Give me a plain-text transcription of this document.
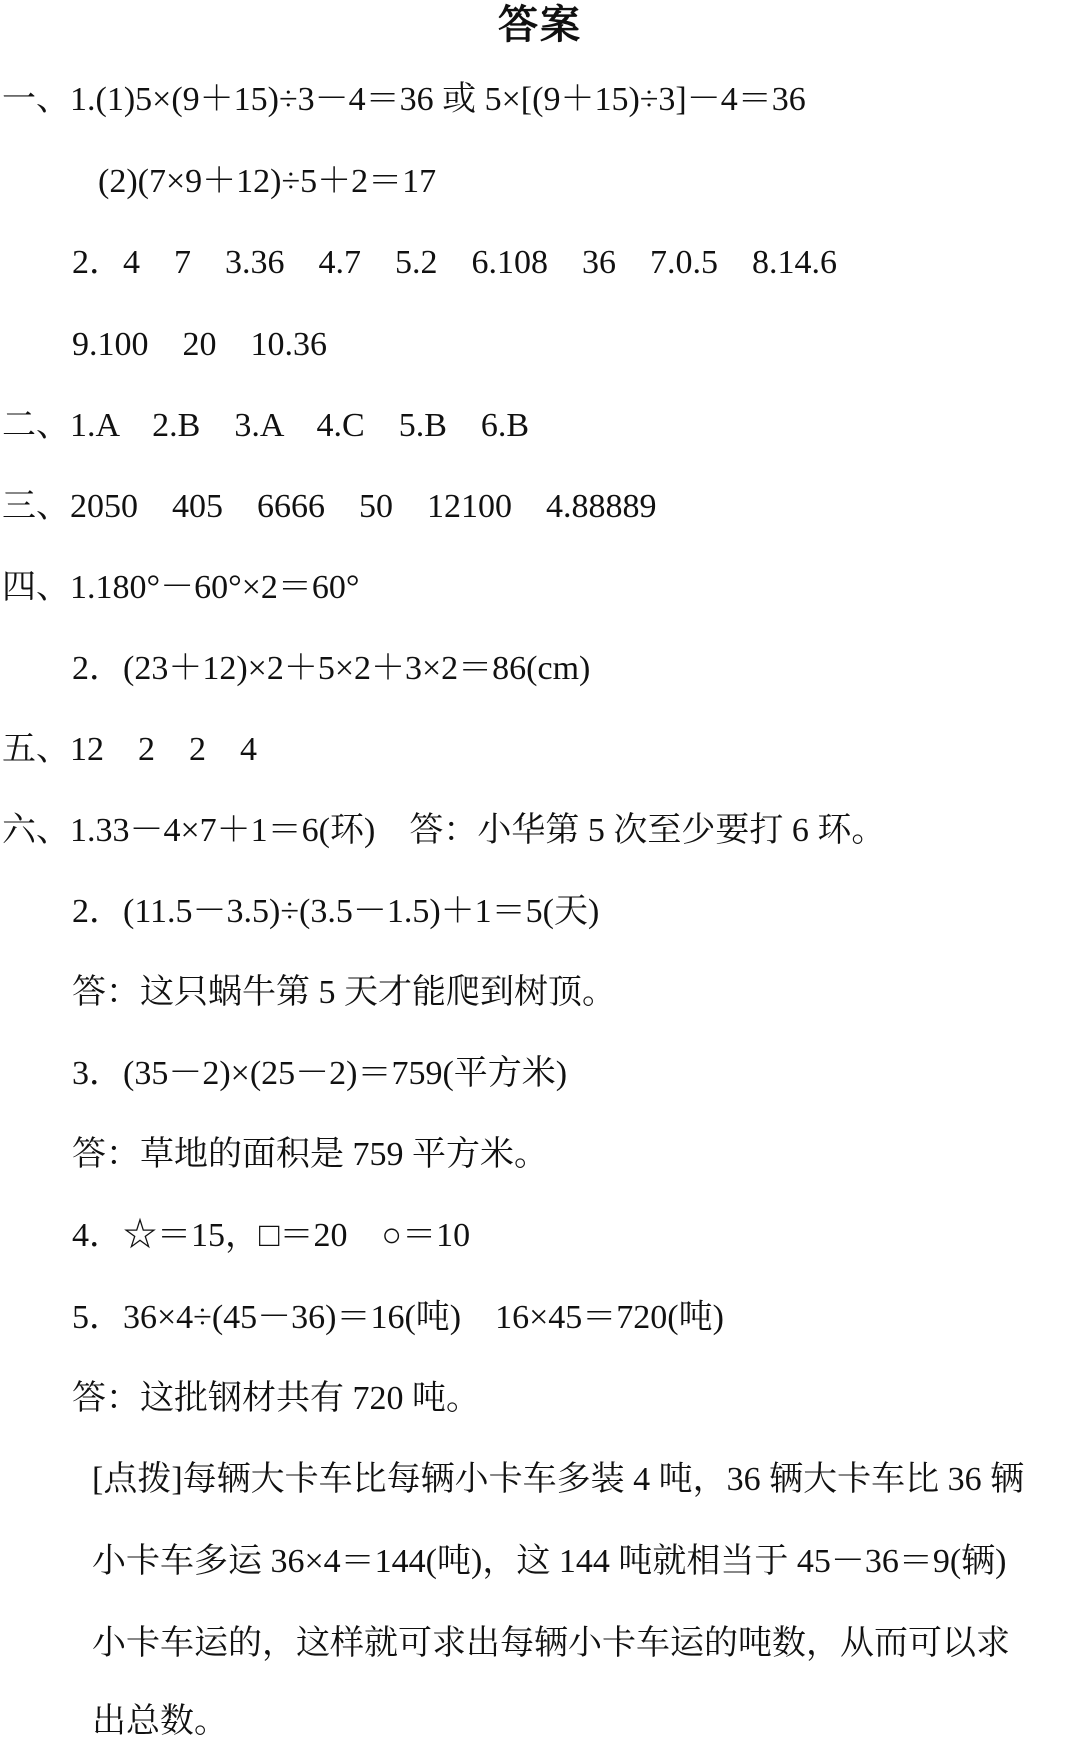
答案
一、1.(1)5×(9＋15)÷3－4＝36 或 5×[(9＋15)÷3]－4＝36
(2)(7×9＋12)÷5＋2＝17
2．4　7　3.36　4.7　5.2　6.108　36　7.0.5　8.14.6
9.100　20　10.36
二、1.A　2.B　3.A　4.C　5.B　6.B
三、2050　405　6666　50　12100　4.88889
四、1.180°－60°×2＝60°
2．(23＋12)×2＋5×2＋3×2＝86(cm)
五、12　2　2　4
六、1.33－4×7＋1＝6(环)　答：小华第 5 次至少要打 6 环。
2．(11.5－3.5)÷(3.5－1.5)＋1＝5(天)
答：这只蜗牛第 5 天才能爬到树顶。
3．(35－2)×(25－2)＝759(平方米)
答：草地的面积是 759 平方米。
4．☆＝15，□＝20　○＝10
5．36×4÷(45－36)＝16(吨)　16×45＝720(吨)
答：这批钢材共有 720 吨。
[点拨]每辆大卡车比每辆小卡车多装 4 吨，36 辆大卡车比 36 辆
小卡车多运 36×4＝144(吨)，这 144 吨就相当于 45－36＝9(辆)
小卡车运的，这样就可求出每辆小卡车运的吨数，从而可以求
出总数。
